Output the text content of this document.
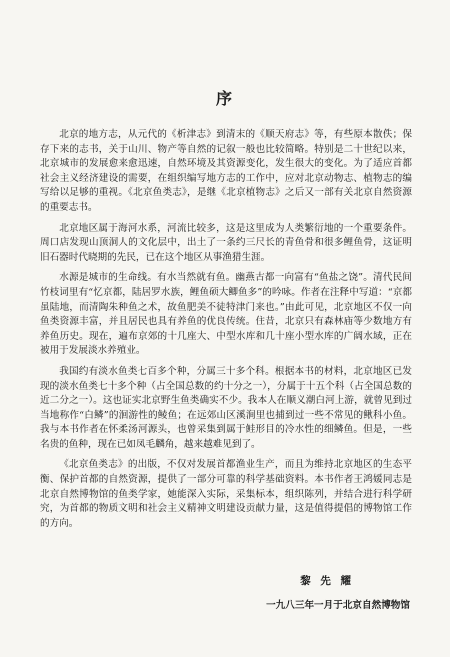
序

北京的地方志，从元代的《析津志》到清末的《顺天府志》等，有些原本散佚；保存下来的志书，关于山川、物产等自然的记叙一般也比较简略。特别是二十世纪以来，北京城市的发展愈来愈迅速，自然环境及其资源变化，发生很大的变化。为了适应首都社会主义经济建设的需要，在组织编写地方志的工作中，应对北京动物志、植物志的编写给以足够的重视。《北京鱼类志》，是继《北京植物志》之后又一部有关北京自然资源的重要志书。

北京地区属于海河水系，河流比较多，这是这里成为人类繁衍地的一个重要条件。周口店发现山顶洞人的文化层中，出土了一条约三尺长的青鱼骨和很多鲤鱼骨，这证明旧石器时代晓期的先民，已在这个地区从事渔猎生涯。

水源是城市的生命线。有水当然就有鱼。幽燕古都一向富有“鱼盐之饶”。清代民间竹枝词里有“忆京都，陆居罗水族，鲤鱼硕大鲫鱼多”的吟咏。作者在注释中写道：“京都虽陆地，而清陶朱种鱼之术，故鱼肥美不徒特津门来也。”由此可见，北京地区不仅一向鱼类资源丰富，并且居民也具有养鱼的优良传统。住昔，北京只有森林庙等少数地方有养鱼历史。现在，遍布京郊的十几座大、中型水库和几十座小型水库的广阔水域，正在被用于发展淡水养殖业。

我国约有淡水鱼类七百多个种，分属三十多个科。根据本书的材料，北京地区已发现的淡水鱼类七十多个种（占全国总数的约十分之一），分属于十五个科（占全国总数的近二分之一）。这也证实北京野生鱼类确实不少。我本人在顺义潮白河上游，就曾见到过当地称作“白鳞”的洄游性的鲮鱼；在远郊山区溪涧里也捕到过一些不常见的鳅科小鱼。我与本书作者在怀柔汤河源头，也曾采集到属于鲑形目的冷水性的细鳞鱼。但是，一些名贵的鱼种，现在已如凤毛麟角，越来越难见到了。

《北京鱼类志》的出版，不仅对发展首都渔业生产，而且为维持北京地区的生态平衡、保护首都的自然资源，提供了一部分可靠的科学基础资料。本书作者王鸿媛同志是北京自然博物馆的鱼类学家，她能深入实际，采集标本，组织陈列，并结合进行科学研究，为首都的物质文明和社会主义精神文明建设贡献力量，这是值得提倡的博物馆工作的方向。

黎 先 耀
一九八三年一月于北京自然博物馆
